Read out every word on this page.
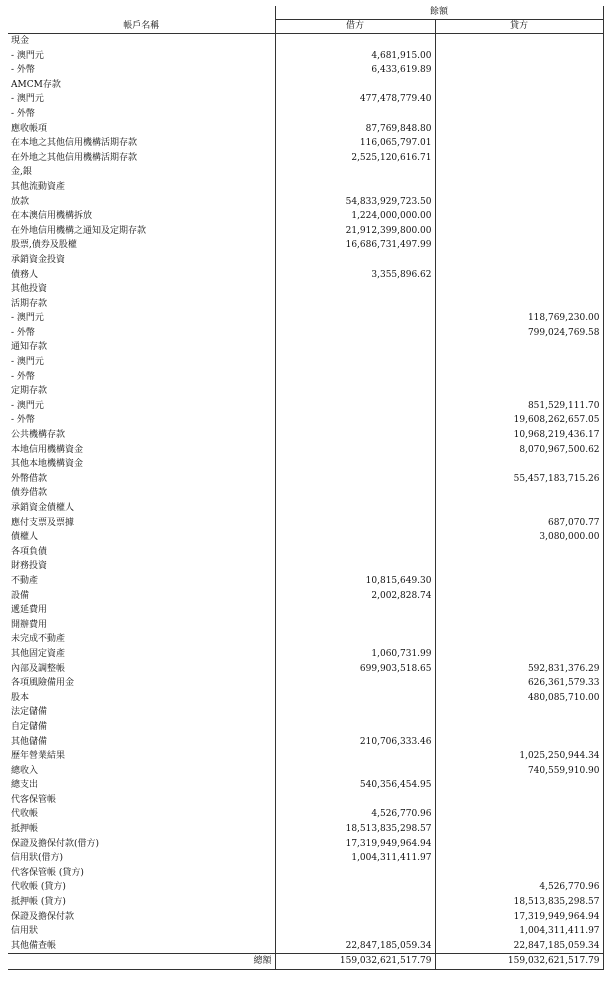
	餘額	
帳戶名稱	借方	貸方
現金		
- 澳門元	4,681,915.00	
- 外幣	6,433,619.89	
AMCM存款		
- 澳門元	477,478,779.40	
- 外幣		
應收帳項	87,769,848.80	
在本地之其他信用機構活期存款	116,065,797.01	
在外地之其他信用機構活期存款	2,525,120,616.71	
金,銀		
其他流動資產		
放款	54,833,929,723.50	
在本澳信用機構拆放	1,224,000,000.00	
在外地信用機構之通知及定期存款	21,912,399,800.00	
股票,債券及股權	16,686,731,497.99	
承銷資金投資		
債務人	3,355,896.62	
其他投資		
活期存款		
- 澳門元		118,769,230.00
- 外幣		799,024,769.58
通知存款		
- 澳門元		
- 外幣		
定期存款		
- 澳門元		851,529,111.70
- 外幣		19,608,262,657.05
公共機構存款		10,968,219,436.17
本地信用機構資金		8,070,967,500.62
其他本地機構資金		
外幣借款		55,457,183,715.26
債券借款		
承銷資金債權人		
應付支票及票據		687,070.77
債權人		3,080,000.00
各項負債		
財務投資		
不動產	10,815,649.30	
設備	2,002,828.74	
遞延費用		
開辦費用		
未完成不動產		
其他固定資產	1,060,731.99	
內部及調整帳	699,903,518.65	592,831,376.29
各項風險備用金		626,361,579.33
股本		480,085,710.00
法定儲備		
自定儲備		
其他儲備	210,706,333.46	
歷年營業結果		1,025,250,944.34
總收入		740,559,910.90
總支出	540,356,454.95	
代客保管帳		
代收帳	4,526,770.96	
抵押帳	18,513,835,298.57	
保證及擔保付款(借方)	17,319,949,964.94	
信用狀(借方)	1,004,311,411.97	
代客保管帳 (貸方)		
代收帳 (貸方)		4,526,770.96
抵押帳 (貸方)		18,513,835,298.57
保證及擔保付款		17,319,949,964.94
信用狀		1,004,311,411.97
其他備查帳	22,847,185,059.34	22,847,185,059.34
總額	159,032,621,517.79	159,032,621,517.79
